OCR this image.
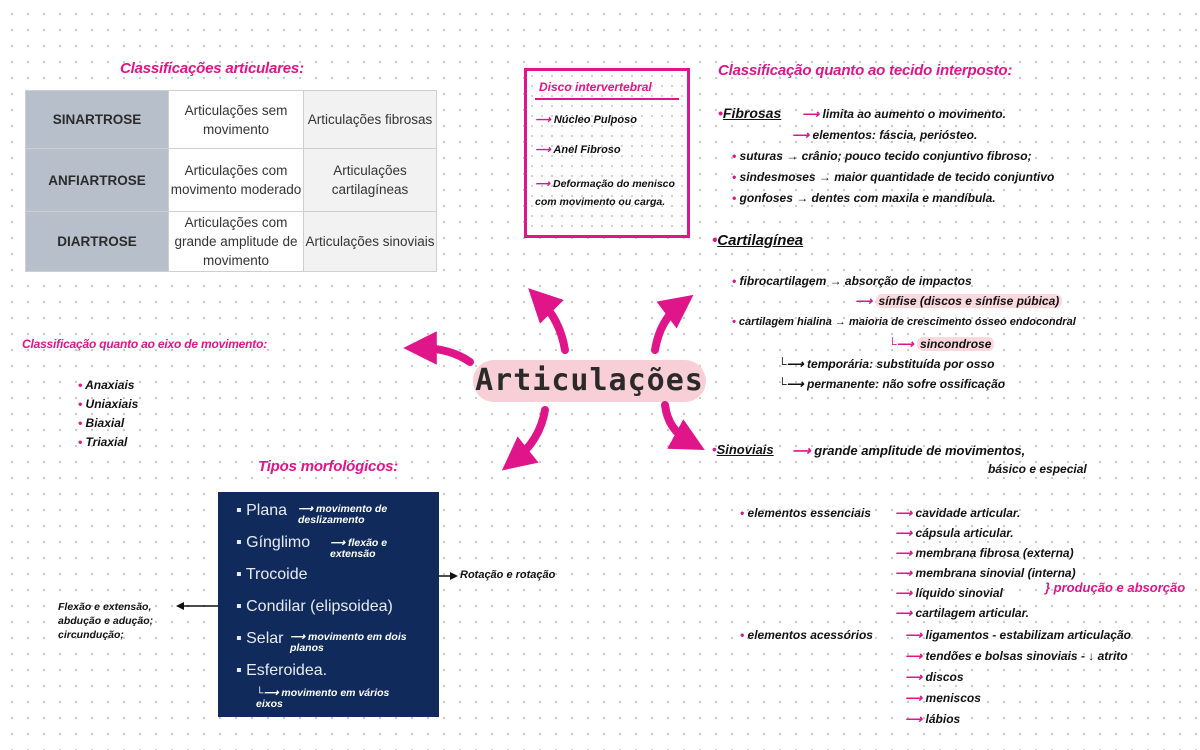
Classificações articulares:
SINARTROSE	Articulações sem movimento	Articulações fibrosas
ANFIARTROSE	Articulações com movimento moderado	Articulações cartilagíneas
DIARTROSE	Articulações com grande amplitude de movimento	Articulações sinoviais
Disco intervertebral
⟶ Núcleo Pulposo
⟶ Anel Fibroso
⟶ Deformação do menisco com movimento ou carga.
Articulações
Classificação quanto ao eixo de movimento:
• Anaxiais
• Uniaxiais
• Biaxial
• Triaxial
Tipos morfológicos:
▪ Plana ⟶ movimento de deslizamento
▪ Gínglimo ⟶ flexão e extensão
▪ Trocoide
▪ Condilar (elipsoidea)
▪ Selar ⟶ movimento em dois planos
▪ Esferoidea.
└⟶ movimento em vários eixos
Rotação e rotação
Flexão e extensão, abdução e adução; circundução;
Classificação quanto ao tecido interposto:
•Fibrosas ⟶ limita ao aumento o movimento.
⟶ elementos: fáscia, periósteo.
• suturas → crânio; pouco tecido conjuntivo fibroso;
• sindesmoses → maior quantidade de tecido conjuntivo
• gonfoses → dentes com maxila e mandíbula.
•Cartilagínea
• fibrocartilagem → absorção de impactos
⟶ sínfise (discos e sínfise púbica)
• cartilagem hialina → maioria de crescimento ósseo endocondral
└⟶ sincondrose
└⟶ temporária: substituída por osso
└⟶ permanente: não sofre ossificação
•Sinoviais ⟶ grande amplitude de movimentos,
básico e especial
• elementos essenciais ⟶ cavidade articular.
⟶ cápsula articular.
⟶ membrana fibrosa (externa)
⟶ membrana sinovial (interna)
⟶ líquido sinovial	} produção e absorção
⟶ cartilagem articular.
• elementos acessórios	⟶ ligamentos - estabilizam articulação
⟶ tendões e bolsas sinoviais - ↓ atrito
⟶ discos
⟶ meniscos
⟶ lábios
